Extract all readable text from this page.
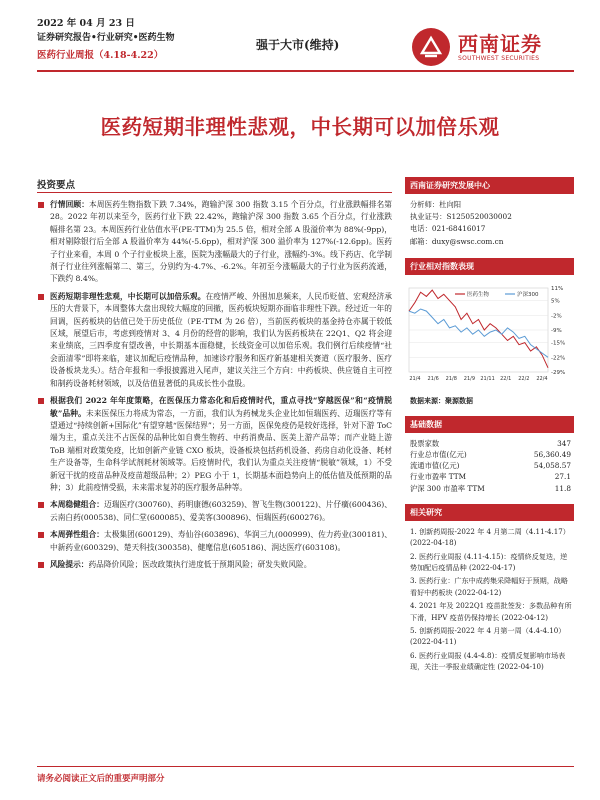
2022 年 04 月 23 日
证券研究报告•行业研究•医药生物
医药行业周报（4.18-4.22）
强于大市(维持)	西南证券
SOUTHWEST SECURITIES
医药短期非理性悲观，中长期可以加倍乐观
投资要点
行情回顾：本周医药生物指数下跌 7.34%，跑输沪深 300 指数 3.15 个百分点，行业涨跌幅排名第 28。2022 年初以来至今，医药行业下跌 22.42%，跑输沪深 300 指数 3.65 个百分点，行业涨跌幅排名第 23。本周医药行业估值水平(PE-TTM)为 25.5 倍，相对全部 A 股溢价率为 88%(-9pp)，相对剔除银行后全部 A 股溢价率为 44%(-5.6pp)，相对沪深 300 溢价率为 127%(-12.6pp)。医药子行业来看，本周 0 个子行业板块上涨，医院为涨幅最大的子行业，涨幅约-3%。线下药店、化学制剂子行业往列涨幅第二、第三，分别约为-4.7%、-6.2%。年初至今涨幅最大的子行业为医药流通，下跌约 8.4%。
医药短期非理性悲观，中长期可以加倍乐观。在疫情严峻、外围加息频来，人民币贬值、宏观经济承压的大背景下，本周整体大盘出现较大幅度的回撤，医药板块短期亦面临非理性下跌。经过近一年的回调，医药板块的估值已处于历史低位（PE-TTM 为 26 倍），当前医药板块的基金持仓亦属于较低区域，展望后市，考虑到疫情对 3、4 月份的经营的影响，我们认为医药板块在 22Q1、Q2 将会迎来业绩底，三四季度有望改善，中长期基本面稳健，长线资金可以加倍乐观。我们例行后续疫情“社会面清零”即将来临，建议加配后疫情品种，加速诊疗服务和医疗新基建相关赛道（医疗服务、医疗设备板块龙头）。结合年报和一季报披露进入尾声，建议关注三个方向：中药板块、供应链自主可控和制药设备耗材领域，以及估值显著低的具成长性小盘股。
根据我们 2022 年年度策略，在医保压力常态化和后疫情时代，重点寻找“穿越医保”和“疫情脱敏”品种。未来医保压力将成为常态，一方面，我们认为药械龙头企业比如恒瑞医药、迈瑞医疗等有望通过“持续创新+国际化”有望穿越“医保结界”；另一方面，医保免疫仍是较好选择，针对下游 ToC 端为主，重点关注不占医保的品种比如自费生物药、中药消费品、医美上游产品等；而产业链上游 ToB 端相对政策免疫，比如创新产业链 CXO 板块，设备板块包括药机设备、药房自动化设备、耗材生产设备等，生命科学试剂耗材领域等。后疫情时代，我们认为重点关注疫情“脱敏”领域，1）不受新冠干扰的疫苗品种及疫苗超级品种；2）PEG 小于 1，长期基本面趋势向上的低估值及低预期的品种；3）此前疫情受损，未来需求复苏的医疗服务品种等。
本周稳健组合：迈瑞医疗(300760)、药明康德(603259)、智飞生物(300122)、片仔癀(600436)、云南白药(000538)、同仁堂(600085)、爱美客(300896)、恒瑞医药(600276)。
本周弹性组合：太极集团(600129)、寿仙谷(603896)、华润三九(000999)、佐力药业(300181)、中新药业(600329)、楚天科技(300358)、健麾信息(605186)、润达医疗(603108)。
风险提示：药品降价风险；医改政策执行进度低于预期风险；研发失败风险。
西南证券研究发展中心
分析师：杜向阳
执业证号：S1250520030002
电话：021-68416017
邮箱：duxy@swsc.com.cn
行业相对指数表现
11%
5%
-2%
-9%
-15%
-22%
-29%
21/4 21/6 21/8 21/9 21/11 22/1 22/2 22/4
医药生物	沪深300
数据来源：聚源数据
基础数据
股票家数	347
行业总市值(亿元)	56,360.49
流通市值(亿元)	54,058.57
行业市盈率 TTM	27.1
沪深 300 市盈率 TTM	11.8
相关研究
1. 创新药周报-2022 年 4 月第二周（4.11-4.17） (2022-04-18)
2. 医药行业周报 (4.11-4.15)：疫情終反复迭，逆势加配后疫情品种 (2022-04-17)
3. 医药行业：广东中成药集采降幅好于预期，战略看好中药板块 (2022-04-12)
4. 2021 年及 2022Q1 疫苗批签发：多数品种有所下滑，HPV 疫苗仍保持增长 (2022-04-12)
5. 创新药周报-2022 年 4 月第一周（4.4-4.10） (2022-04-11)
6. 医药行业周报 (4.4-4.8)：疫情反复影响市场表现，关注一季报业绩确定性 (2022-04-10)
请务必阅读正文后的重要声明部分
